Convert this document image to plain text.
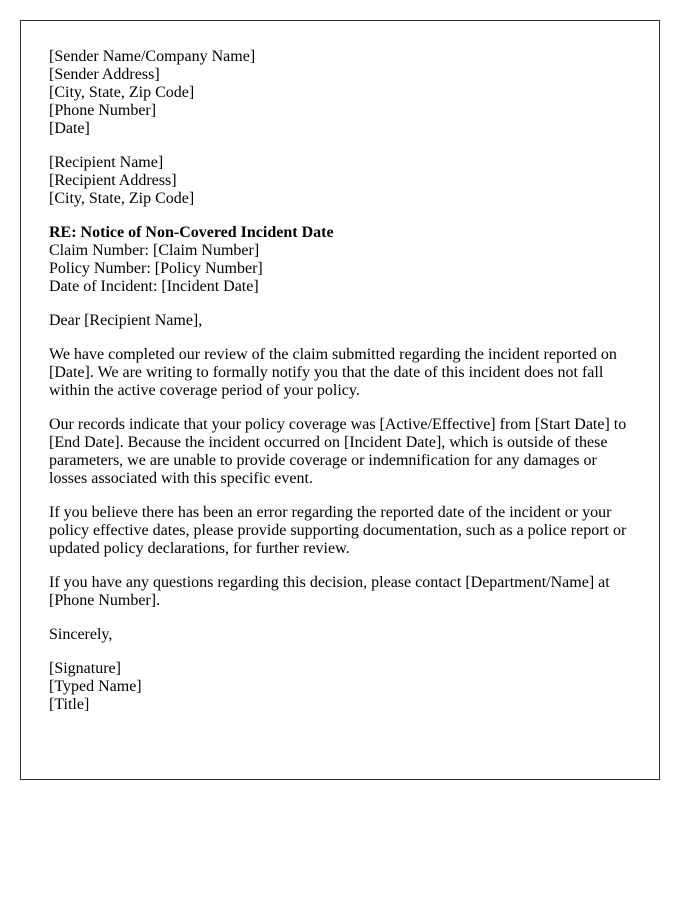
[Sender Name/Company Name]
[Sender Address]
[City, State, Zip Code]
[Phone Number]
[Date]
[Recipient Name]
[Recipient Address]
[City, State, Zip Code]
RE: Notice of Non-Covered Incident Date
Claim Number: [Claim Number]
Policy Number: [Policy Number]
Date of Incident: [Incident Date]

Dear [Recipient Name],

We have completed our review of the claim submitted regarding the incident reported on [Date]. We are writing to formally notify you that the date of this incident does not fall within the active coverage period of your policy.

Our records indicate that your policy coverage was [Active/Effective] from [Start Date] to [End Date]. Because the incident occurred on [Incident Date], which is outside of these parameters, we are unable to provide coverage or indemnification for any damages or losses associated with this specific event.

If you believe there has been an error regarding the reported date of the incident or your policy effective dates, please provide supporting documentation, such as a police report or updated policy declarations, for further review.

If you have any questions regarding this decision, please contact [Department/Name] at [Phone Number].

Sincerely,

[Signature]
[Typed Name]
[Title]
